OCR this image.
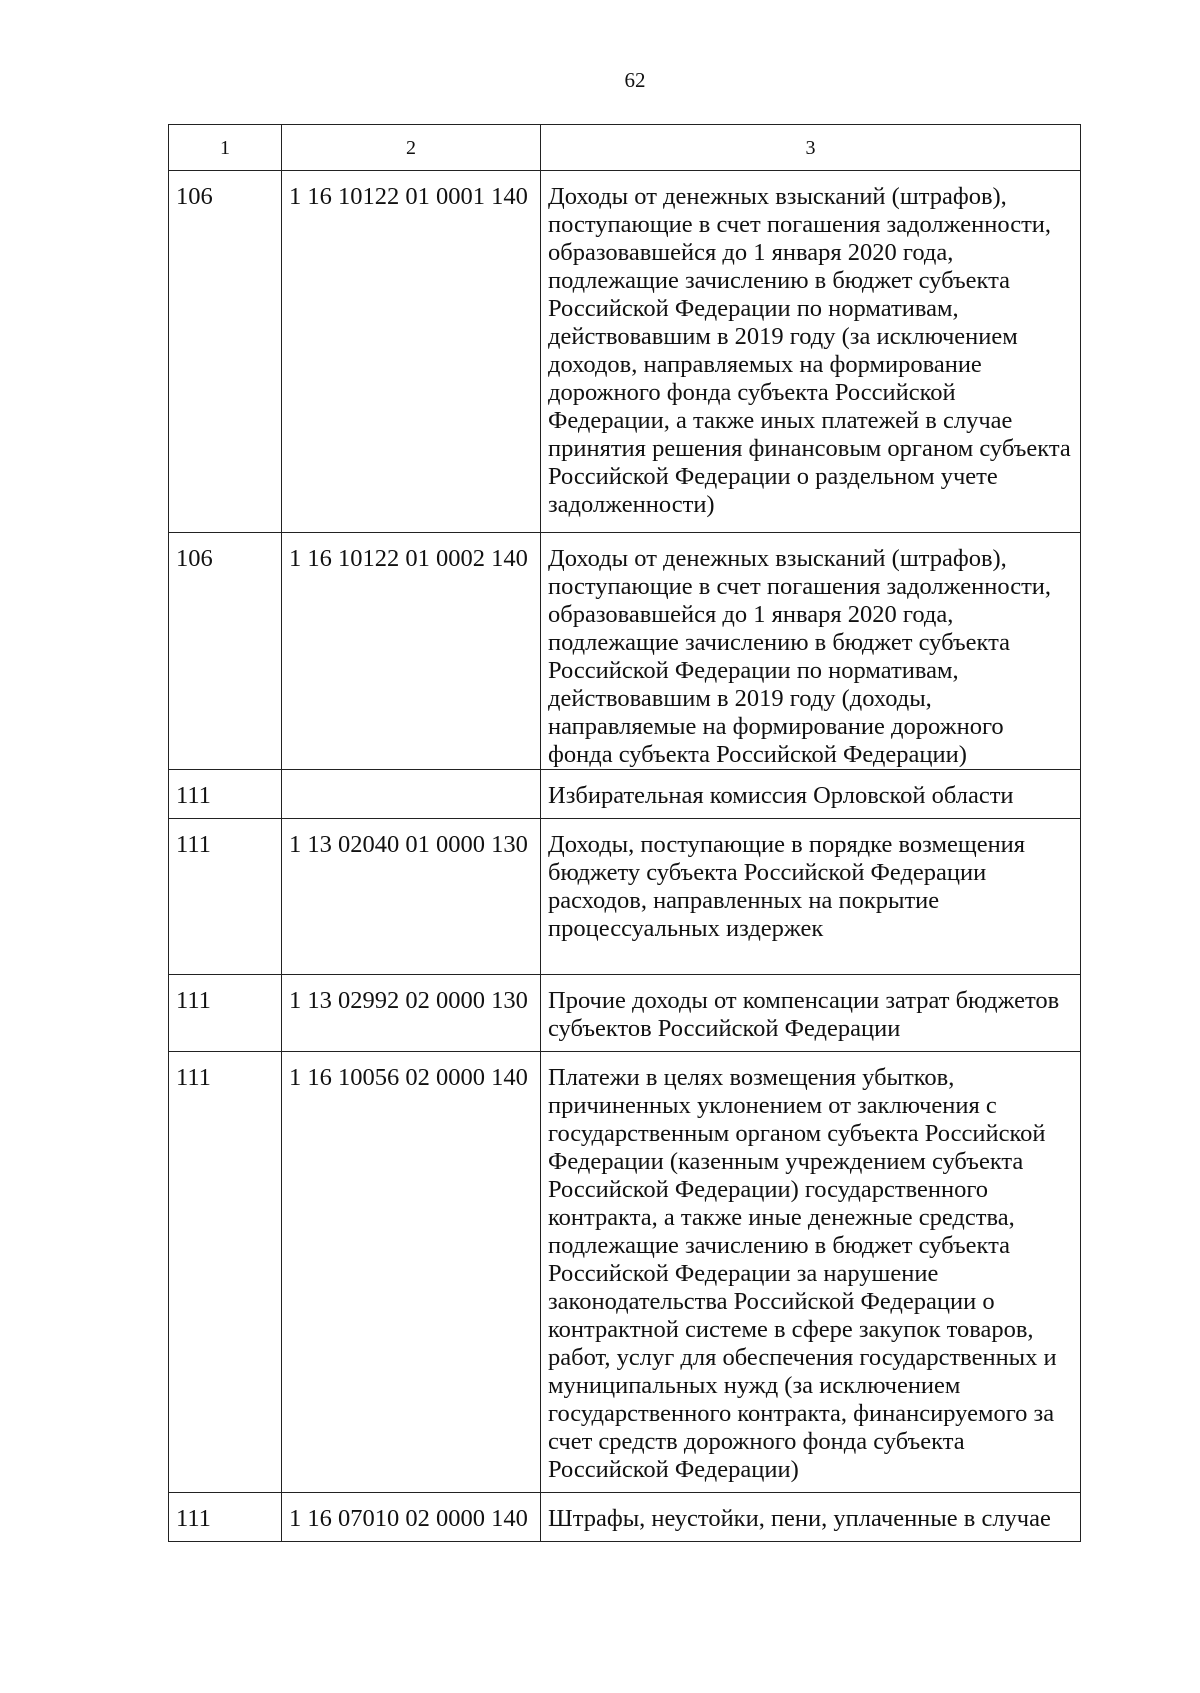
62
1	2	3
106	1 16 10122 01 0001 140	Доходы от денежных взысканий (штрафов), поступающие в счет погашения задолженности, образовавшейся до 1 января 2020 года, подлежащие зачислению в бюджет субъекта Российской Федерации по нормативам, действовавшим в 2019 году (за исключением доходов, направляемых на формирование дорожного фонда субъекта Российской Федерации, а также иных платежей в случае принятия решения финансовым органом субъекта Российской Федерации о раздельном учете задолженности)
106	1 16 10122 01 0002 140	Доходы от денежных взысканий (штрафов), поступающие в счет погашения задолженности, образовавшейся до 1 января 2020 года, подлежащие зачислению в бюджет субъекта Российской Федерации по нормативам, действовавшим в 2019 году (доходы, направляемые на формирование дорожного фонда субъекта Российской Федерации)
111		Избирательная комиссия Орловской области
111	1 13 02040 01 0000 130	Доходы, поступающие в порядке возмещения бюджету субъекта Российской Федерации расходов, направленных на покрытие процессуальных издержек
111	1 13 02992 02 0000 130	Прочие доходы от компенсации затрат бюджетов субъектов Российской Федерации
111	1 16 10056 02 0000 140	Платежи в целях возмещения убытков, причиненных уклонением от заключения с государственным органом субъекта Российской Федерации (казенным учреждением субъекта Российской Федерации) государственного контракта, а также иные денежные средства, подлежащие зачислению в бюджет субъекта Российской Федерации за нарушение законодательства Российской Федерации о контрактной системе в сфере закупок товаров, работ, услуг для обеспечения государственных и муниципальных нужд (за исключением государственного контракта, финансируемого за счет средств дорожного фонда субъекта Российской Федерации)
111	1 16 07010 02 0000 140	Штрафы, неустойки, пени, уплаченные в случае
